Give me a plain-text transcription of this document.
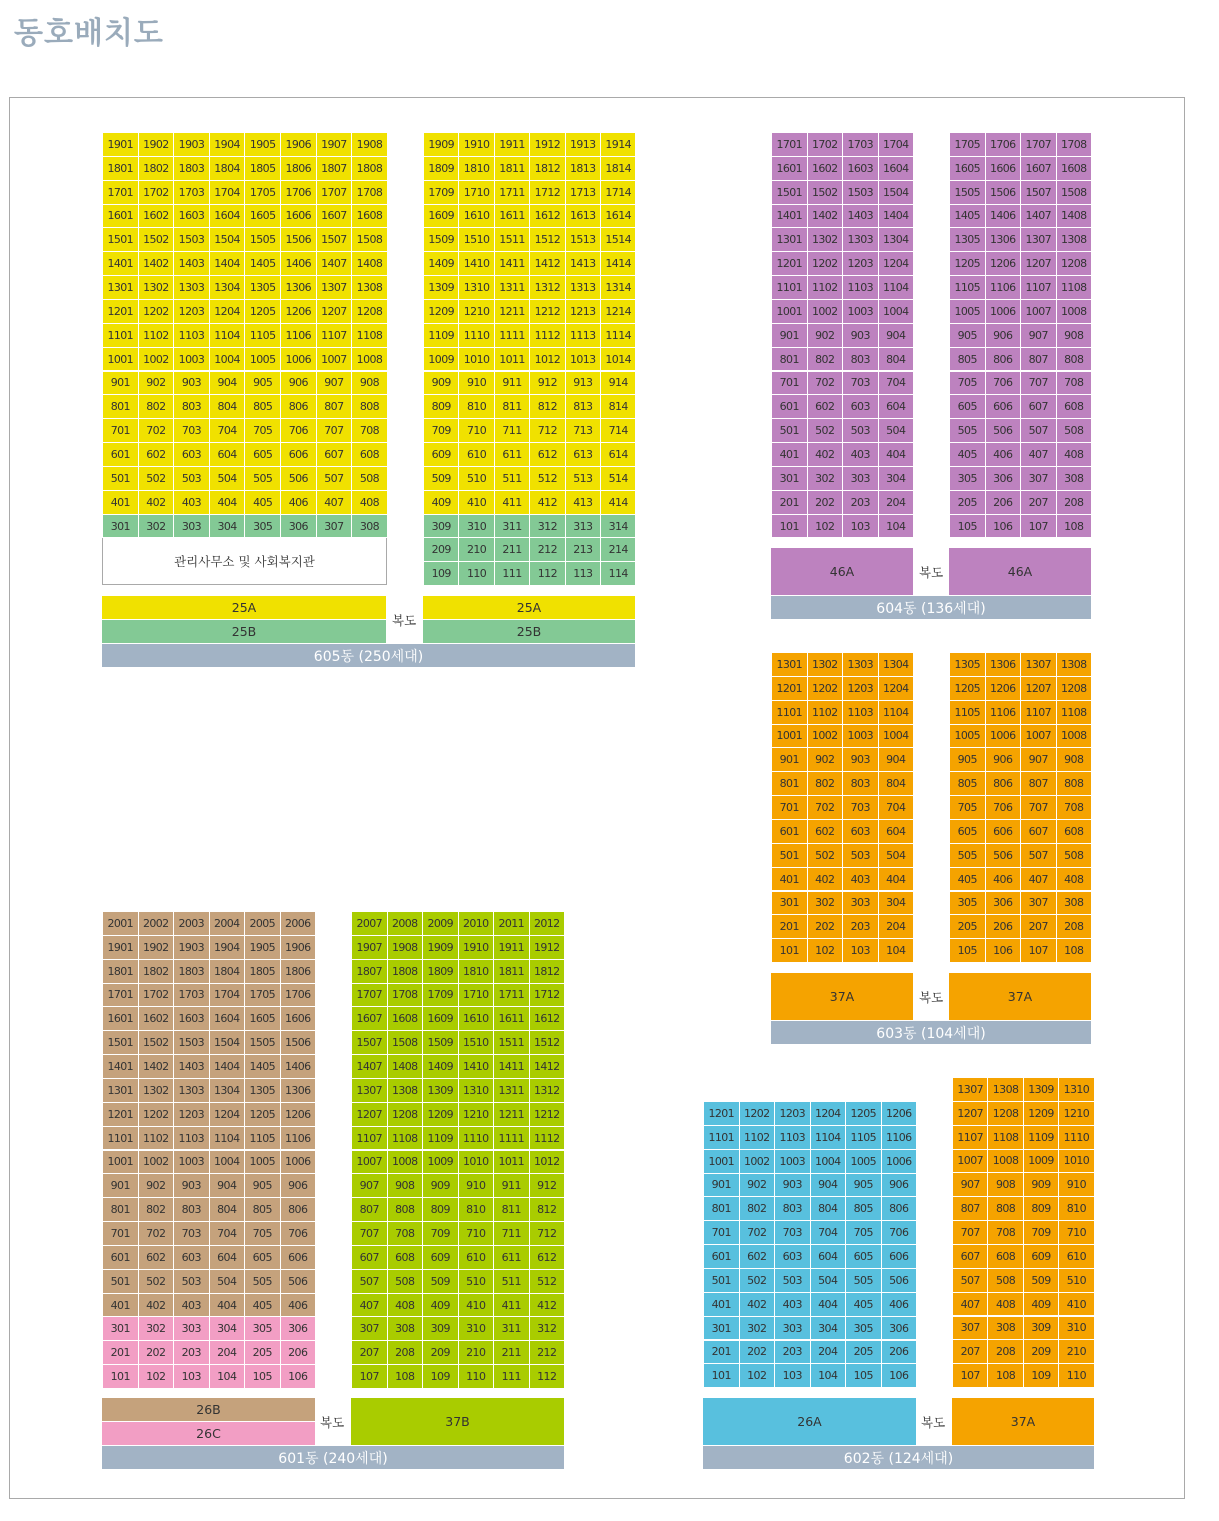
동호배치도
관리사무소 및 사회복지관
25A
25B
25A
25B
복도
605동 (250세대)
46A	46A
복도
604동 (136세대)
37A	37A
복도
603동 (104세대)
26B
26C
37B
복도
601동 (240세대)
26A	37A
복도
602동 (124세대)
1901 1902 1903 1904 1905 1906 1907 1908
1801 1802 1803 1804 1805 1806 1807 1808
1701 1702 1703 1704 1705 1706 1707 1708
1601 1602 1603 1604 1605 1606 1607 1608
1501 1502 1503 1504 1505 1506 1507 1508
1401 1402 1403 1404 1405 1406 1407 1408
1301 1302 1303 1304 1305 1306 1307 1308
1201 1202 1203 1204 1205 1206 1207 1208
1101 1102 1103 1104 1105 1106 1107 1108
1001 1002 1003 1004 1005 1006 1007 1008
901	902	903	904	905	906	907	908
801	802	803	804	805	806	807	808
701	702	703	704	705	706	707	708
601	602	603	604	605	606	607	608
501	502	503	504	505	506	507	508
401	402	403	404	405	406	407	408
301	302	303	304	305	306	307	308
1909 1910 1911 1912 1913 1914
1809 1810 1811 1812 1813 1814
1709 1710 1711 1712 1713 1714
1609 1610 1611 1612 1613 1614
1509 1510 1511 1512 1513 1514
1409 1410 1411 1412 1413 1414
1309 1310 1311 1312 1313 1314
1209 1210 1211 1212 1213 1214
1109 1110 1111 1112 1113 1114
1009 1010 1011 1012 1013 1014
909	910	911	912	913	914
809	810	811	812	813	814
709	710	711	712	713	714
609	610	611	612	613	614
509	510	511	512	513	514
409	410	411	412	413	414
309	310	311	312	313	314
209	210	211	212	213	214
109	110	111	112	113	114
1701 1702 1703 1704
1601 1602 1603 1604
1501 1502 1503 1504
1401 1402 1403 1404
1301 1302 1303 1304
1201 1202 1203 1204
1101 1102 1103 1104
1001 1002 1003 1004
901	902	903	904
801	802	803	804
701	702	703	704
601	602	603	604
501	502	503	504
401	402	403	404
301	302	303	304
201	202	203	204
101	102	103	104
1705 1706 1707 1708
1605 1606 1607 1608
1505 1506 1507 1508
1405 1406 1407 1408
1305 1306 1307 1308
1205 1206 1207 1208
1105 1106 1107 1108
1005 1006 1007 1008
905	906	907	908
805	806	807	808
705	706	707	708
605	606	607	608
505	506	507	508
405	406	407	408
305	306	307	308
205	206	207	208
105	106	107	108
1301 1302 1303 1304
1201 1202 1203 1204
1101 1102 1103 1104
1001 1002 1003 1004
901	902	903	904
801	802	803	804
701	702	703	704
601	602	603	604
501	502	503	504
401	402	403	404
301	302	303	304
201	202	203	204
101	102	103	104
1305 1306 1307 1308
1205 1206 1207 1208
1105 1106 1107 1108
1005 1006 1007 1008
905	906	907	908
805	806	807	808
705	706	707	708
605	606	607	608
505	506	507	508
405	406	407	408
305	306	307	308
205	206	207	208
105	106	107	108
2001 2002 2003 2004 2005 2006
1901 1902 1903 1904 1905 1906
1801 1802 1803 1804 1805 1806
1701 1702 1703 1704 1705 1706
1601 1602 1603 1604 1605 1606
1501 1502 1503 1504 1505 1506
1401 1402 1403 1404 1405 1406
1301 1302 1303 1304 1305 1306
1201 1202 1203 1204 1205 1206
1101 1102 1103 1104 1105 1106
1001 1002 1003 1004 1005 1006
901	902	903	904	905	906
801	802	803	804	805	806
701	702	703	704	705	706
601	602	603	604	605	606
501	502	503	504	505	506
401	402	403	404	405	406
301	302	303	304	305	306
201	202	203	204	205	206
101	102	103	104	105	106
2007 2008 2009 2010 2011 2012
1907 1908 1909 1910 1911 1912
1807 1808 1809 1810 1811 1812
1707 1708 1709 1710 1711 1712
1607 1608 1609 1610 1611 1612
1507 1508 1509 1510 1511 1512
1407 1408 1409 1410 1411 1412
1307 1308 1309 1310 1311 1312
1207 1208 1209 1210 1211 1212
1107 1108 1109 1110 1111 1112
1007 1008 1009 1010 1011 1012
907	908	909	910	911	912
807	808	809	810	811	812
707	708	709	710	711	712
607	608	609	610	611	612
507	508	509	510	511	512
407	408	409	410	411	412
307	308	309	310	311	312
207	208	209	210	211	212
107	108	109	110	111	112
1201 1202 1203 1204 1205 1206
1101 1102 1103 1104 1105 1106
1001 1002 1003 1004 1005 1006
901	902	903	904	905	906
801	802	803	804	805	806
701	702	703	704	705	706
601	602	603	604	605	606
501	502	503	504	505	506
401	402	403	404	405	406
301	302	303	304	305	306
201	202	203	204	205	206
101	102	103	104	105	106
1307 1308 1309 1310
1207 1208 1209 1210
1107 1108 1109 1110
1007 1008 1009 1010
907	908	909	910
807	808	809	810
707	708	709	710
607	608	609	610
507	508	509	510
407	408	409	410
307	308	309	310
207	208	209	210
107	108	109	110
